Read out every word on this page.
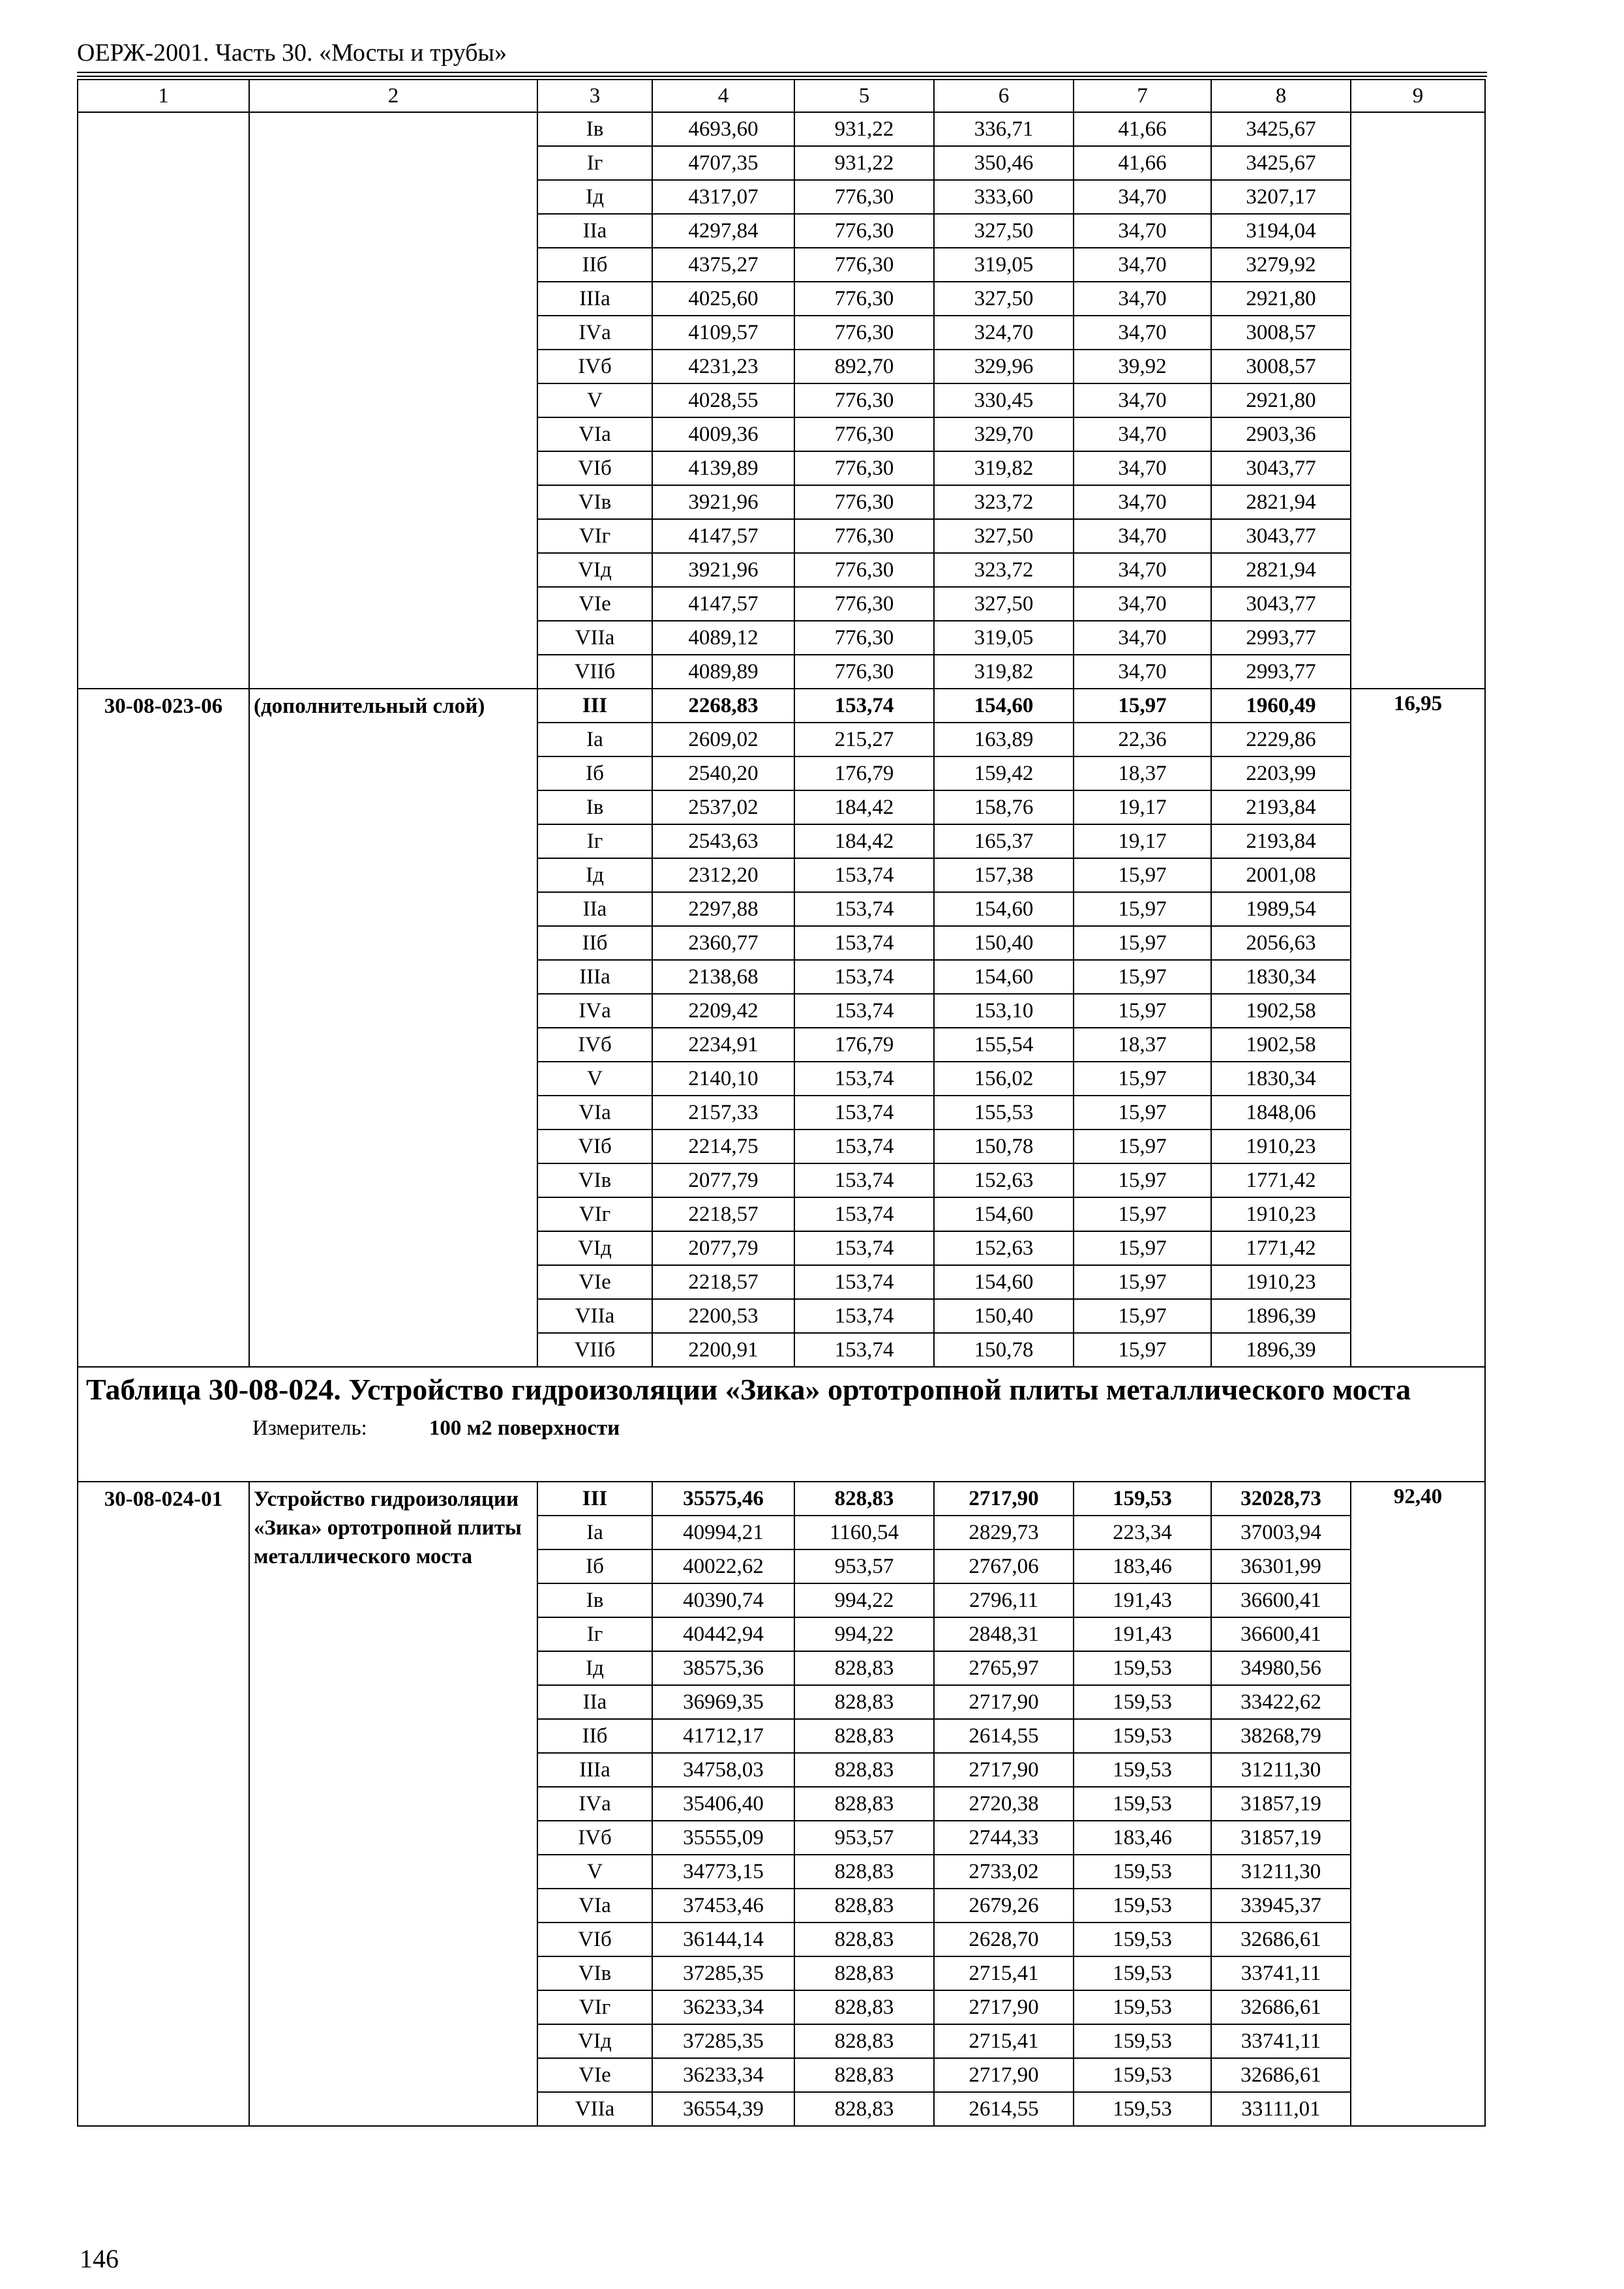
ОЕРЖ-2001. Часть 30. «Мосты и трубы»
1	2	3	4	5	6	7	8	9
		Iв	4693,60	931,22	336,71	41,66	3425,67	
		Iг	4707,35	931,22	350,46	41,66	3425,67	
		Iд	4317,07	776,30	333,60	34,70	3207,17	
		IIа	4297,84	776,30	327,50	34,70	3194,04	
		IIб	4375,27	776,30	319,05	34,70	3279,92	
		IIIа	4025,60	776,30	327,50	34,70	2921,80	
		IVа	4109,57	776,30	324,70	34,70	3008,57	
		IVб	4231,23	892,70	329,96	39,92	3008,57	
		V	4028,55	776,30	330,45	34,70	2921,80	
		VIа	4009,36	776,30	329,70	34,70	2903,36	
		VIб	4139,89	776,30	319,82	34,70	3043,77	
		VIв	3921,96	776,30	323,72	34,70	2821,94	
		VIг	4147,57	776,30	327,50	34,70	3043,77	
		VIд	3921,96	776,30	323,72	34,70	2821,94	
		VIе	4147,57	776,30	327,50	34,70	3043,77	
		VIIа	4089,12	776,30	319,05	34,70	2993,77	
		VIIб	4089,89	776,30	319,82	34,70	2993,77	
30-08-023-06	(дополнительный слой)	III	2268,83	153,74	154,60	15,97	1960,49	16,95
		Iа	2609,02	215,27	163,89	22,36	2229,86	
		Iб	2540,20	176,79	159,42	18,37	2203,99	
		Iв	2537,02	184,42	158,76	19,17	2193,84	
		Iг	2543,63	184,42	165,37	19,17	2193,84	
		Iд	2312,20	153,74	157,38	15,97	2001,08	
		IIа	2297,88	153,74	154,60	15,97	1989,54	
		IIб	2360,77	153,74	150,40	15,97	2056,63	
		IIIа	2138,68	153,74	154,60	15,97	1830,34	
		IVа	2209,42	153,74	153,10	15,97	1902,58	
		IVб	2234,91	176,79	155,54	18,37	1902,58	
		V	2140,10	153,74	156,02	15,97	1830,34	
		VIа	2157,33	153,74	155,53	15,97	1848,06	
		VIб	2214,75	153,74	150,78	15,97	1910,23	
		VIв	2077,79	153,74	152,63	15,97	1771,42	
		VIг	2218,57	153,74	154,60	15,97	1910,23	
		VIд	2077,79	153,74	152,63	15,97	1771,42	
		VIе	2218,57	153,74	154,60	15,97	1910,23	
		VIIа	2200,53	153,74	150,40	15,97	1896,39	
		VIIб	2200,91	153,74	150,78	15,97	1896,39	

Таблица 30-08-024. Устройство гидроизоляции «Зика» ортотропной плиты металлического моста
Измеритель: 100 м2 поверхности								

30-08-024-01	Устройство гидроизоляции «Зика» ортотропной плиты металлического моста	III	35575,46	828,83	2717,90	159,53	32028,73	92,40
		Iа	40994,21	1160,54	2829,73	223,34	37003,94	
		Iб	40022,62	953,57	2767,06	183,46	36301,99	
		Iв	40390,74	994,22	2796,11	191,43	36600,41	
		Iг	40442,94	994,22	2848,31	191,43	36600,41	
		Iд	38575,36	828,83	2765,97	159,53	34980,56	
		IIа	36969,35	828,83	2717,90	159,53	33422,62	
		IIб	41712,17	828,83	2614,55	159,53	38268,79	
		IIIа	34758,03	828,83	2717,90	159,53	31211,30	
		IVа	35406,40	828,83	2720,38	159,53	31857,19	
		IVб	35555,09	953,57	2744,33	183,46	31857,19	
		V	34773,15	828,83	2733,02	159,53	31211,30	
		VIа	37453,46	828,83	2679,26	159,53	33945,37	
		VIб	36144,14	828,83	2628,70	159,53	32686,61	
		VIв	37285,35	828,83	2715,41	159,53	33741,11	
		VIг	36233,34	828,83	2717,90	159,53	32686,61	
		VIд	37285,35	828,83	2715,41	159,53	33741,11	
		VIе	36233,34	828,83	2717,90	159,53	32686,61	
		VIIа	36554,39	828,83	2614,55	159,53	33111,01	
146
